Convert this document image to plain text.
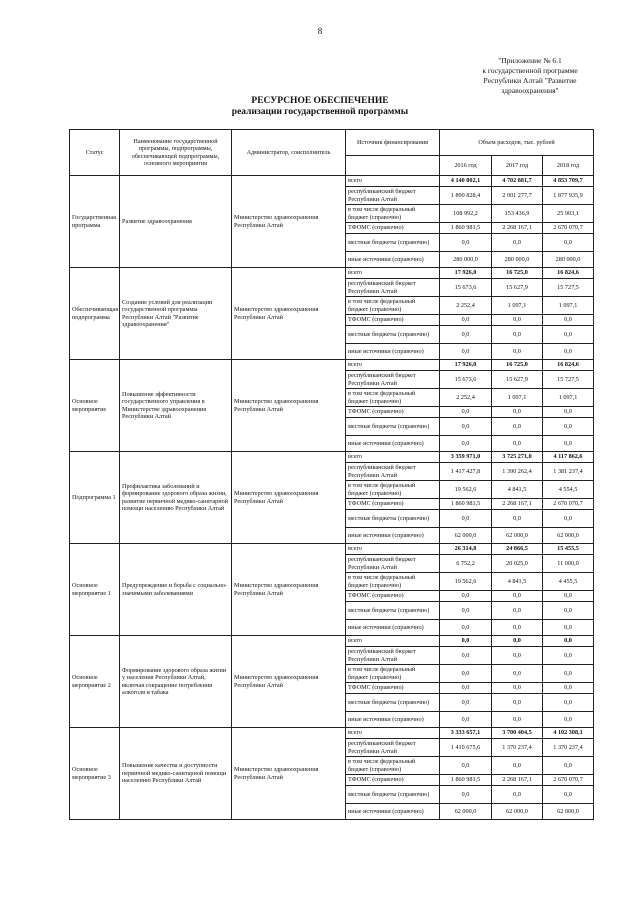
8
"Приложение № 6.1
к государственной программе
Республики Алтай "Развитие
здравоохранения"
РЕСУРСНОЕ ОБЕСПЕЧЕНИЕ
реализации государственной программы
Статус	Наименование государственной программы, подпрограммы, обеспечивающей подпрограммы, основного мероприятия	Администратор, соисполнитель	Источник финансирования	Объем расходов, тыс. рублей		
				2016 год	2017 год	2018 год
Государственная программа	Развитие здравоохранения	Министерство здравоохранения Республики Алтай	всего	4 140 802,1	4 702 881,7	4 853 709,7
			республиканский бюджет Республики Алтай	1 890 828,4	2 001 277,7	1 877 935,9
			в том числе федеральный бюджет (справочно)	108 992,2	153 436,9	25 903,1
			ТФОМС (справочно)	1 860 981,5	2 268 167,1	2 670 070,7
			местные бюджеты (справочно)	0,0	0,0	0,0
			иные источники (справочно)	280 000,0	280 000,0	280 000,0
Обеспечивающая подпрограмма	Создание условий для реализации государственной программы Республики Алтай "Развитие здравоохранения"	Министерство здравоохранения Республики Алтай	всего	17 926,0	16 725,0	16 824,6
			республиканский бюджет Республики Алтай	15 673,6	15 627,9	15 727,5
			в том числе федеральный бюджет (справочно)	2 252,4	1 097,1	1 097,1
			ТФОМС (справочно)	0,0	0,0	0,0
			местные бюджеты (справочно)	0,0	0,0	0,0
			иные источники (справочно)	0,0	0,0	0,0
Основное мероприятие	Повышение эффективности государственного управления в Министерстве здравоохранения Республики Алтай	Министерство здравоохранения Республики Алтай	всего	17 926,0	16 725,0	16 824,6
			республиканский бюджет Республики Алтай	15 673,6	15 627,9	15 727,5
			в том числе федеральный бюджет (справочно)	2 252,4	1 097,1	1 097,1
			ТФОМС (справочно)	0,0	0,0	0,0
			местные бюджеты (справочно)	0,0	0,0	0,0
			иные источники (справочно)	0,0	0,0	0,0
Подпрограмма 1	Профилактика заболеваний и формирование здорового образа жизни, развитие первичной медико-санитарной помощи населению Республики Алтай	Министерство здравоохранения Республики Алтай	всего	3 359 971,0	3 725 271,0	4 117 862,6
			республиканский бюджет Республики Алтай	1 417 427,8	1 390 262,4	1 381 237,4
			в том числе федеральный бюджет (справочно)	19 562,6	4 841,5	4 554,5
			ТФОМС (справочно)	1 860 981,5	2 268 167,1	2 670 070,7
			местные бюджеты (справочно)	0,0	0,0	0,0
			иные источники (справочно)	62 000,0	62 000,0	62 000,0
Основное мероприятие 1	Предупреждение и борьба с социально-значимыми заболеваниями	Министерство здравоохранения Республики Алтай	всего	26 314,8	24 866,5	15 455,5
			республиканский бюджет Республики Алтай	6 752,2	20 025,0	11 000,0
			в том числе федеральный бюджет (справочно)	19 562,6	4 841,5	4 455,5
			ТФОМС (справочно)	0,0	0,0	0,0
			местные бюджеты (справочно)	0,0	0,0	0,0
			иные источники (справочно)	0,0	0,0	0,0
Основное мероприятие 2	Формирование здорового образа жизни у населения Республики Алтай, включая сокращение потребления алкоголя и табака	Министерство здравоохранения Республики Алтай	всего	0,0	0,0	0,0
			республиканский бюджет Республики Алтай	0,0	0,0	0,0
			в том числе федеральный бюджет (справочно)	0,0	0,0	0,0
			ТФОМС (справочно)	0,0	0,0	0,0
			местные бюджеты (справочно)	0,0	0,0	0,0
			иные источники (справочно)	0,0	0,0	0,0
Основное мероприятие 3	Повышение качества и доступности первичной медико-санитарной помощи населению Республики Алтай	Министерство здравоохранения Республики Алтай	всего	3 333 657,1	3 700 404,5	4 102 308,1
			республиканский бюджет Республики Алтай	1 410 675,6	1 370 237,4	1 370 237,4
			в том числе федеральный бюджет (справочно)	0,0	0,0	0,0
			ТФОМС (справочно)	1 860 981,5	2 268 167,1	2 670 070,7
			местные бюджеты (справочно)	0,0	0,0	0,0
			иные источники (справочно)	62 000,0	62 000,0	62 000,0
